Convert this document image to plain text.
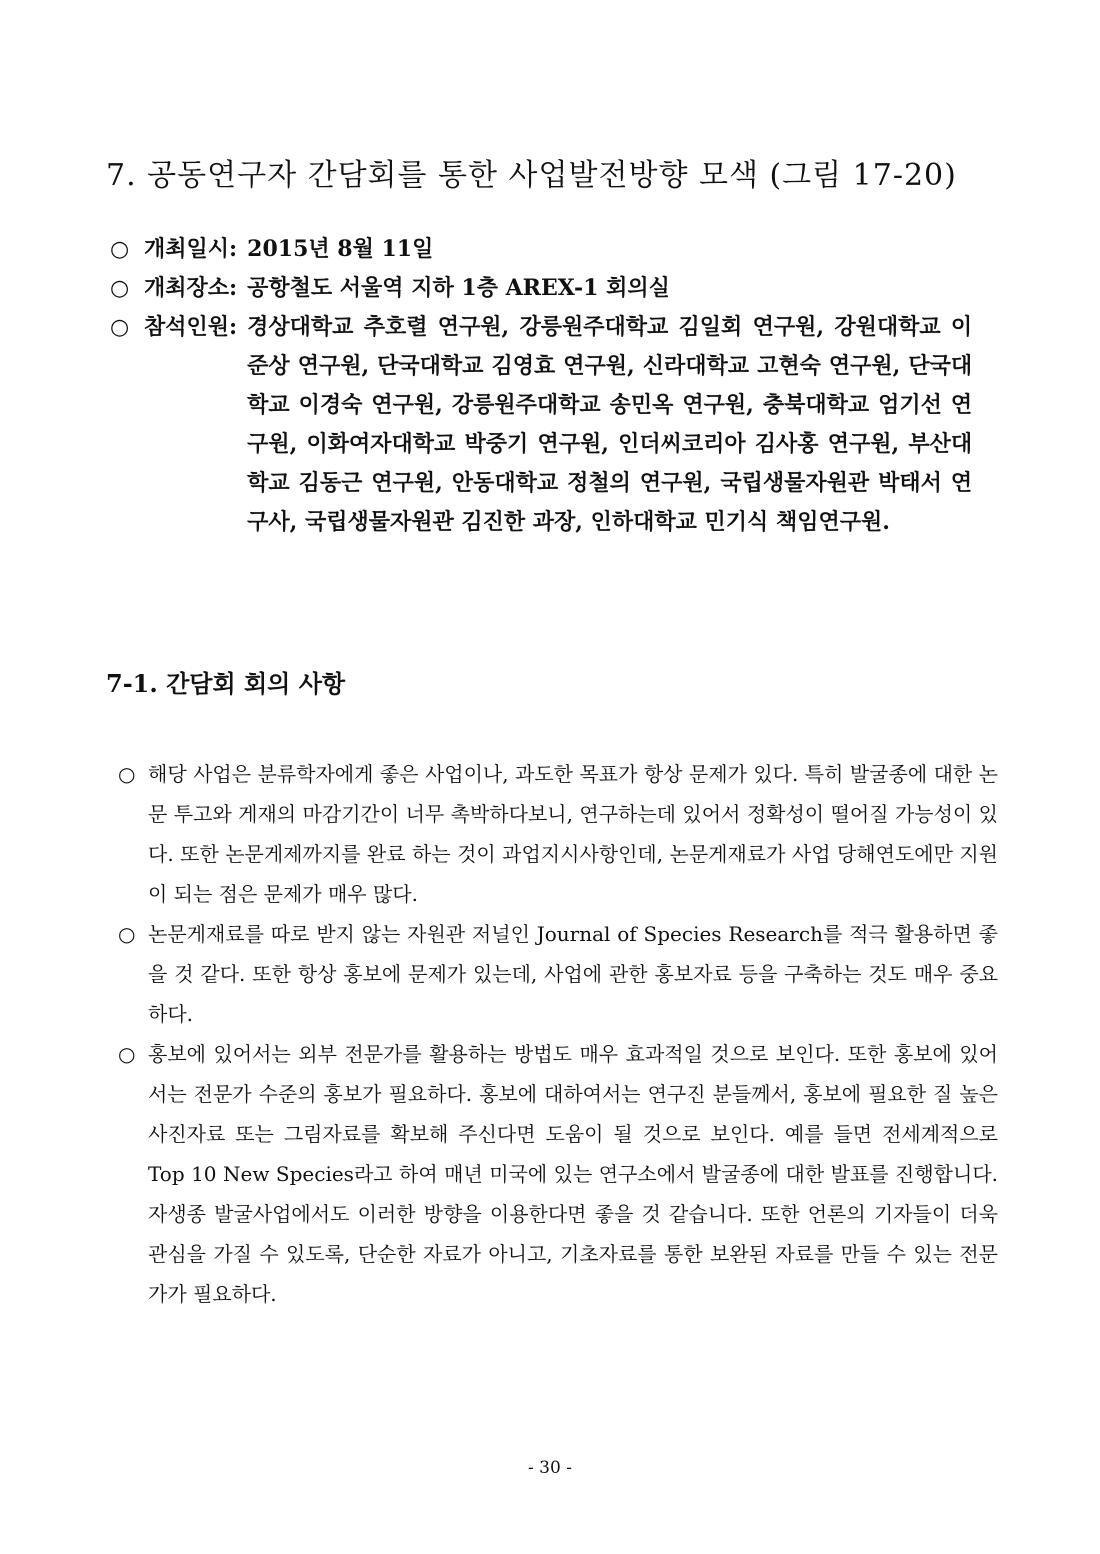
7. 공동연구자 간담회를 통한 사업발전방향 모색 (그림 17-20)
○ 개최일시: 2015년 8월 11일
○ 개최장소: 공항철도 서울역 지하 1층 AREX-1 회의실
○ 참석인원: 경상대학교 추호렬 연구원, 강릉원주대학교 김일회 연구원, 강원대학교 이준상 연구원, 단국대학교 김영효 연구원, 신라대학교 고현숙 연구원, 단국대학교 이경숙 연구원, 강릉원주대학교 송민옥 연구원, 충북대학교 엄기선 연구원, 이화여자대학교 박중기 연구원, 인더씨코리아 김사홍 연구원, 부산대학교 김동근 연구원, 안동대학교 정철의 연구원, 국립생물자원관 박태서 연구사, 국립생물자원관 김진한 과장, 인하대학교 민기식 책임연구원.
7-1. 간담회 회의 사항
○ 해당 사업은 분류학자에게 좋은 사업이나, 과도한 목표가 항상 문제가 있다. 특히 발굴종에 대한 논문 투고와 게재의 마감기간이 너무 촉박하다보니, 연구하는데 있어서 정확성이 떨어질 가능성이 있다. 또한 논문게제까지를 완료 하는 것이 과업지시사항인데, 논문게재료가 사업 당해연도에만 지원이 되는 점은 문제가 매우 많다.
○ 논문게재료를 따로 받지 않는 자원관 저널인 Journal of Species Research를 적극 활용하면 좋을 것 같다. 또한 항상 홍보에 문제가 있는데, 사업에 관한 홍보자료 등을 구축하는 것도 매우 중요하다.
○ 홍보에 있어서는 외부 전문가를 활용하는 방법도 매우 효과적일 것으로 보인다. 또한 홍보에 있어서는 전문가 수준의 홍보가 필요하다. 홍보에 대하여서는 연구진 분들께서, 홍보에 필요한 질 높은 사진자료 또는 그림자료를 확보해 주신다면 도움이 될 것으로 보인다. 예를 들면 전세계적으로 Top 10 New Species라고 하여 매년 미국에 있는 연구소에서 발굴종에 대한 발표를 진행합니다. 자생종 발굴사업에서도 이러한 방향을 이용한다면 좋을 것 같습니다. 또한 언론의 기자들이 더욱 관심을 가질 수 있도록, 단순한 자료가 아니고, 기초자료를 통한 보완된 자료를 만들 수 있는 전문가가 필요하다.
- 30 -
